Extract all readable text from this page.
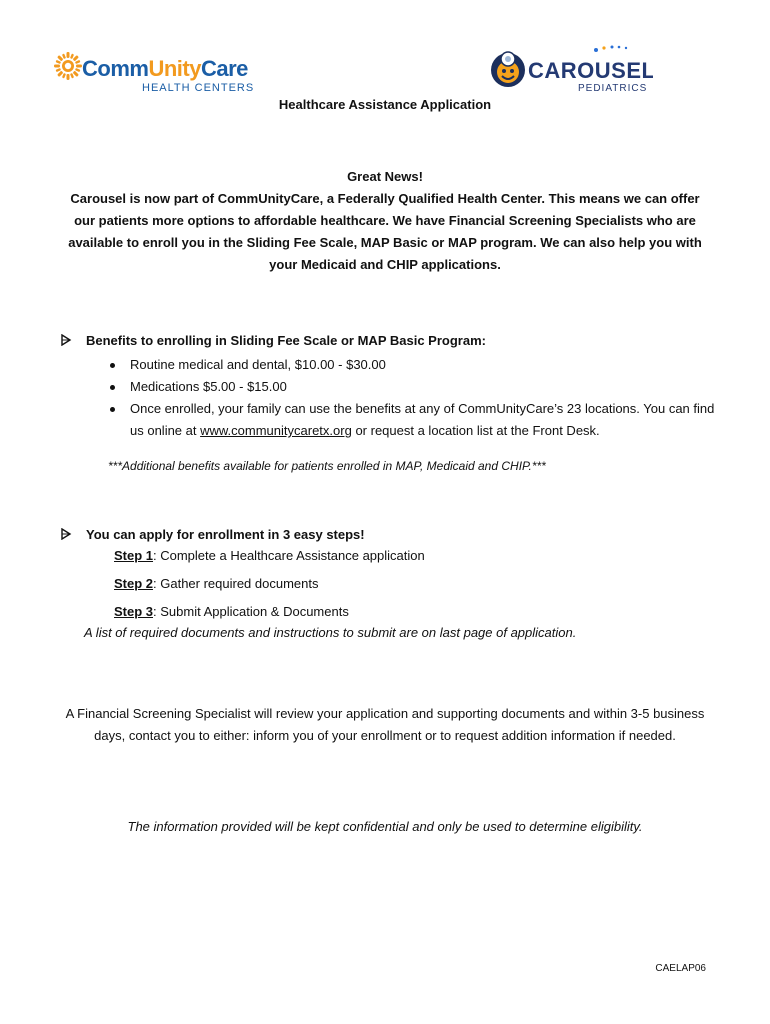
CommUnityCare
HEALTH CENTERS
CAROUSEL
PEDIATRICS
Healthcare Assistance Application
Great News!
Carousel is now part of CommUnityCare, a Federally Qualified Health Center. This means we can offer our patients more options to affordable healthcare. We have Financial Screening Specialists who are available to enroll you in the Sliding Fee Scale, MAP Basic or MAP program. We can also help you with your Medicaid and CHIP applications.
Benefits to enrolling in Sliding Fee Scale or MAP Basic Program:
Routine medical and dental, $10.00 - $30.00
Medications $5.00 - $15.00
Once enrolled, your family can use the benefits at any of CommUnityCare’s 23 locations. You can find us online at www.communitycaretx.org or request a location list at the Front Desk.
***Additional benefits available for patients enrolled in MAP, Medicaid and CHIP.***
You can apply for enrollment in 3 easy steps!
Step 1: Complete a Healthcare Assistance application
Step 2: Gather required documents
Step 3: Submit Application & Documents
A list of required documents and instructions to submit are on last page of application.
A Financial Screening Specialist will review your application and supporting documents and within 3-5 business days, contact you to either: inform you of your enrollment or to request addition information if needed.
The information provided will be kept confidential and only be used to determine eligibility.
CAELAP06
